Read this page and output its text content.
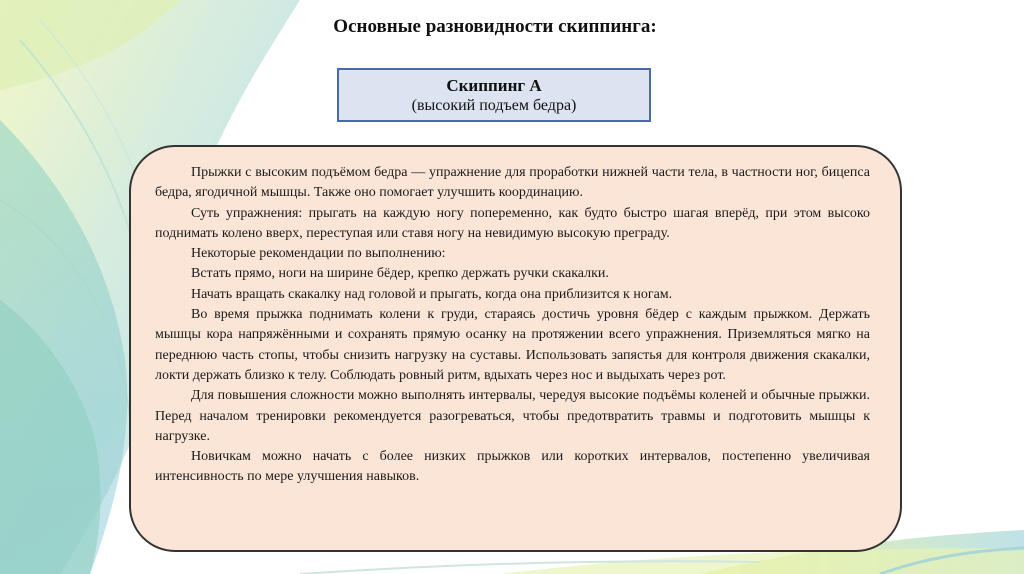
Основные разновидности скиппинга:
Скиппинг А
(высокий подъем бедра)

Прыжки с высоким подъёмом бедра — упражнение для проработки нижней части тела, в частности ног, бицепса бедра, ягодичной мышцы. Также оно помогает улучшить координацию.

Суть упражнения: прыгать на каждую ногу попеременно, как будто быстро шагая вперёд, при этом высоко поднимать колено вверх, переступая или ставя ногу на невидимую высокую преграду.

Некоторые рекомендации по выполнению:

Встать прямо, ноги на ширине бёдер, крепко держать ручки скакалки.

Начать вращать скакалку над головой и прыгать, когда она приблизится к ногам.

Во время прыжка поднимать колени к груди, стараясь достичь уровня бёдер с каждым прыжком. Держать мышцы кора напряжёнными и сохранять прямую осанку на протяжении всего упражнения. Приземляться мягко на переднюю часть стопы, чтобы снизить нагрузку на суставы. Использовать запястья для контроля движения скакалки, локти держать близко к телу. Соблюдать ровный ритм, вдыхать через нос и выдыхать через рот.

Для повышения сложности можно выполнять интервалы, чередуя высокие подъёмы коленей и обычные прыжки. Перед началом тренировки рекомендуется разогреваться, чтобы предотвратить травмы и подготовить мышцы к нагрузке.

Новичкам можно начать с более низких прыжков или коротких интервалов, постепенно увеличивая интенсивность по мере улучшения навыков.
